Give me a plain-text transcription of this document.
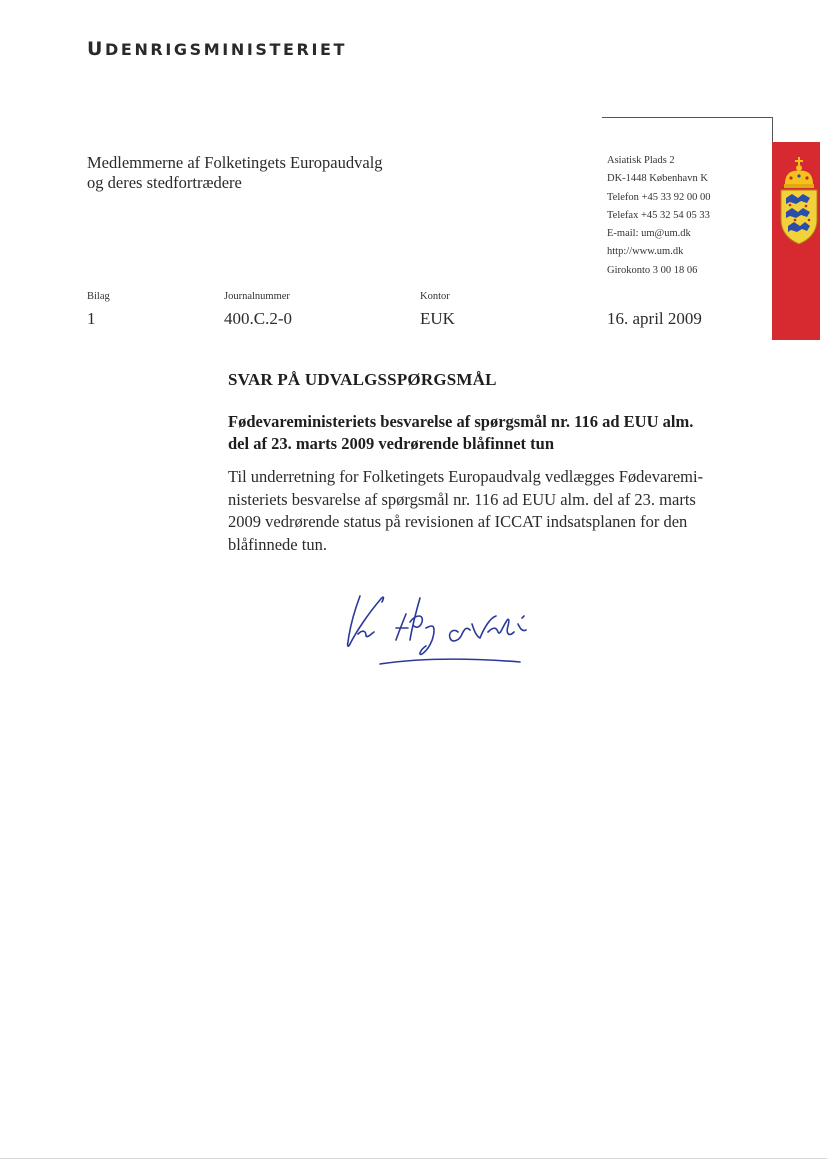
UDENRIGSMINISTERIET
Medlemmerne af Folketingets Europaudvalg
og deres stedfortrædere
Asiatisk Plads 2
DK-1448 København K
Telefon +45 33 92 00 00
Telefax +45 32 54 05 33
E-mail: um@um.dk
http://www.um.dk
Girokonto 3 00 18 06
Bilag
1
Journalnummer
400.C.2-0
Kontor
EUK	16. april 2009
SVAR PÅ UDVALGSSPØRGSMÅL
Fødevareministeriets besvarelse af spørgsmål nr. 116 ad EUU alm.
del af 23. marts 2009 vedrørende blåfinnet tun
Til underretning for Folketingets Europaudvalg vedlægges Fødevaremi-
nisteriets besvarelse af spørgsmål nr. 116 ad EUU alm. del af 23. marts
2009 vedrørende status på revisionen af ICCAT indsatsplanen for den
blåfinnede tun.
